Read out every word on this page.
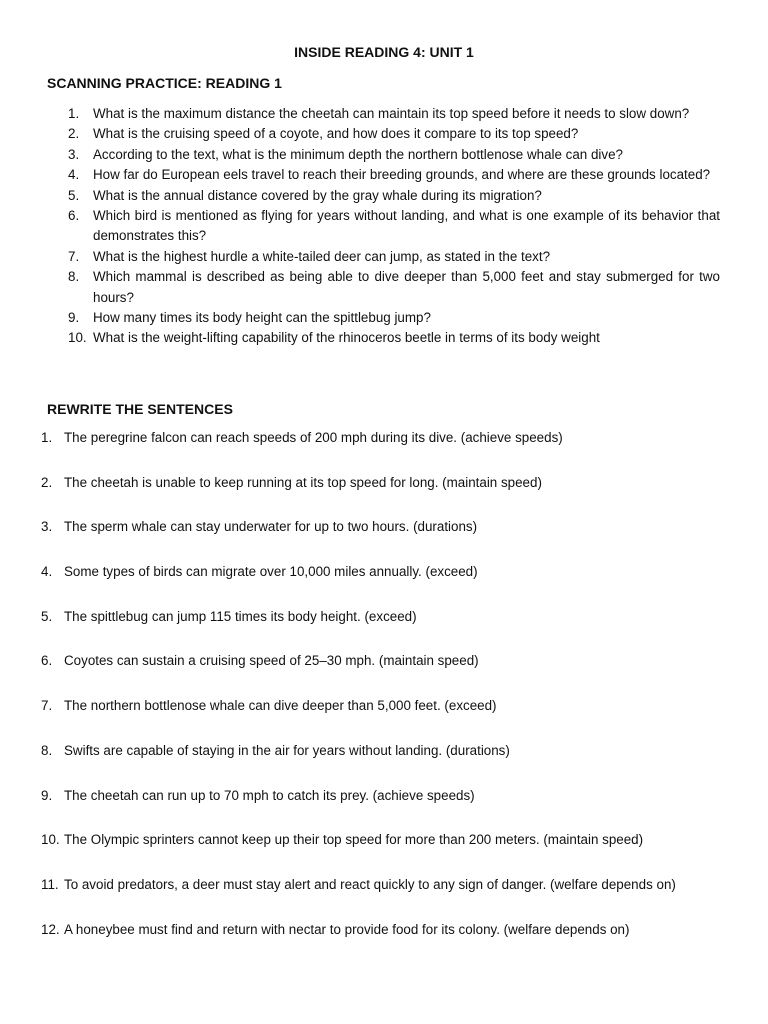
INSIDE READING 4: UNIT 1
SCANNING PRACTICE: READING 1
1.	What is the maximum distance the cheetah can maintain its top speed before it needs to slow down?
2.	What is the cruising speed of a coyote, and how does it compare to its top speed?
3.	According to the text, what is the minimum depth the northern bottlenose whale can dive?
4.	How far do European eels travel to reach their breeding grounds, and where are these grounds located?
5.	What is the annual distance covered by the gray whale during its migration?
6.	Which bird is mentioned as flying for years without landing, and what is one example of its behavior that demonstrates this?
7.	What is the highest hurdle a white-tailed deer can jump, as stated in the text?
8.	Which mammal is described as being able to dive deeper than 5,000 feet and stay submerged for two hours?
9.	How many times its body height can the spittlebug jump?
10. What is the weight-lifting capability of the rhinoceros beetle in terms of its body weight
REWRITE THE SENTENCES
1. The peregrine falcon can reach speeds of 200 mph during its dive. (achieve speeds)
2. The cheetah is unable to keep running at its top speed for long. (maintain speed)
3. The sperm whale can stay underwater for up to two hours. (durations)
4. Some types of birds can migrate over 10,000 miles annually. (exceed)
5. The spittlebug can jump 115 times its body height. (exceed)
6. Coyotes can sustain a cruising speed of 25–30 mph. (maintain speed)
7. The northern bottlenose whale can dive deeper than 5,000 feet. (exceed)
8. Swifts are capable of staying in the air for years without landing. (durations)
9. The cheetah can run up to 70 mph to catch its prey. (achieve speeds)
10. The Olympic sprinters cannot keep up their top speed for more than 200 meters. (maintain speed)
11. To avoid predators, a deer must stay alert and react quickly to any sign of danger. (welfare depends on)
12. A honeybee must find and return with nectar to provide food for its colony. (welfare depends on)
